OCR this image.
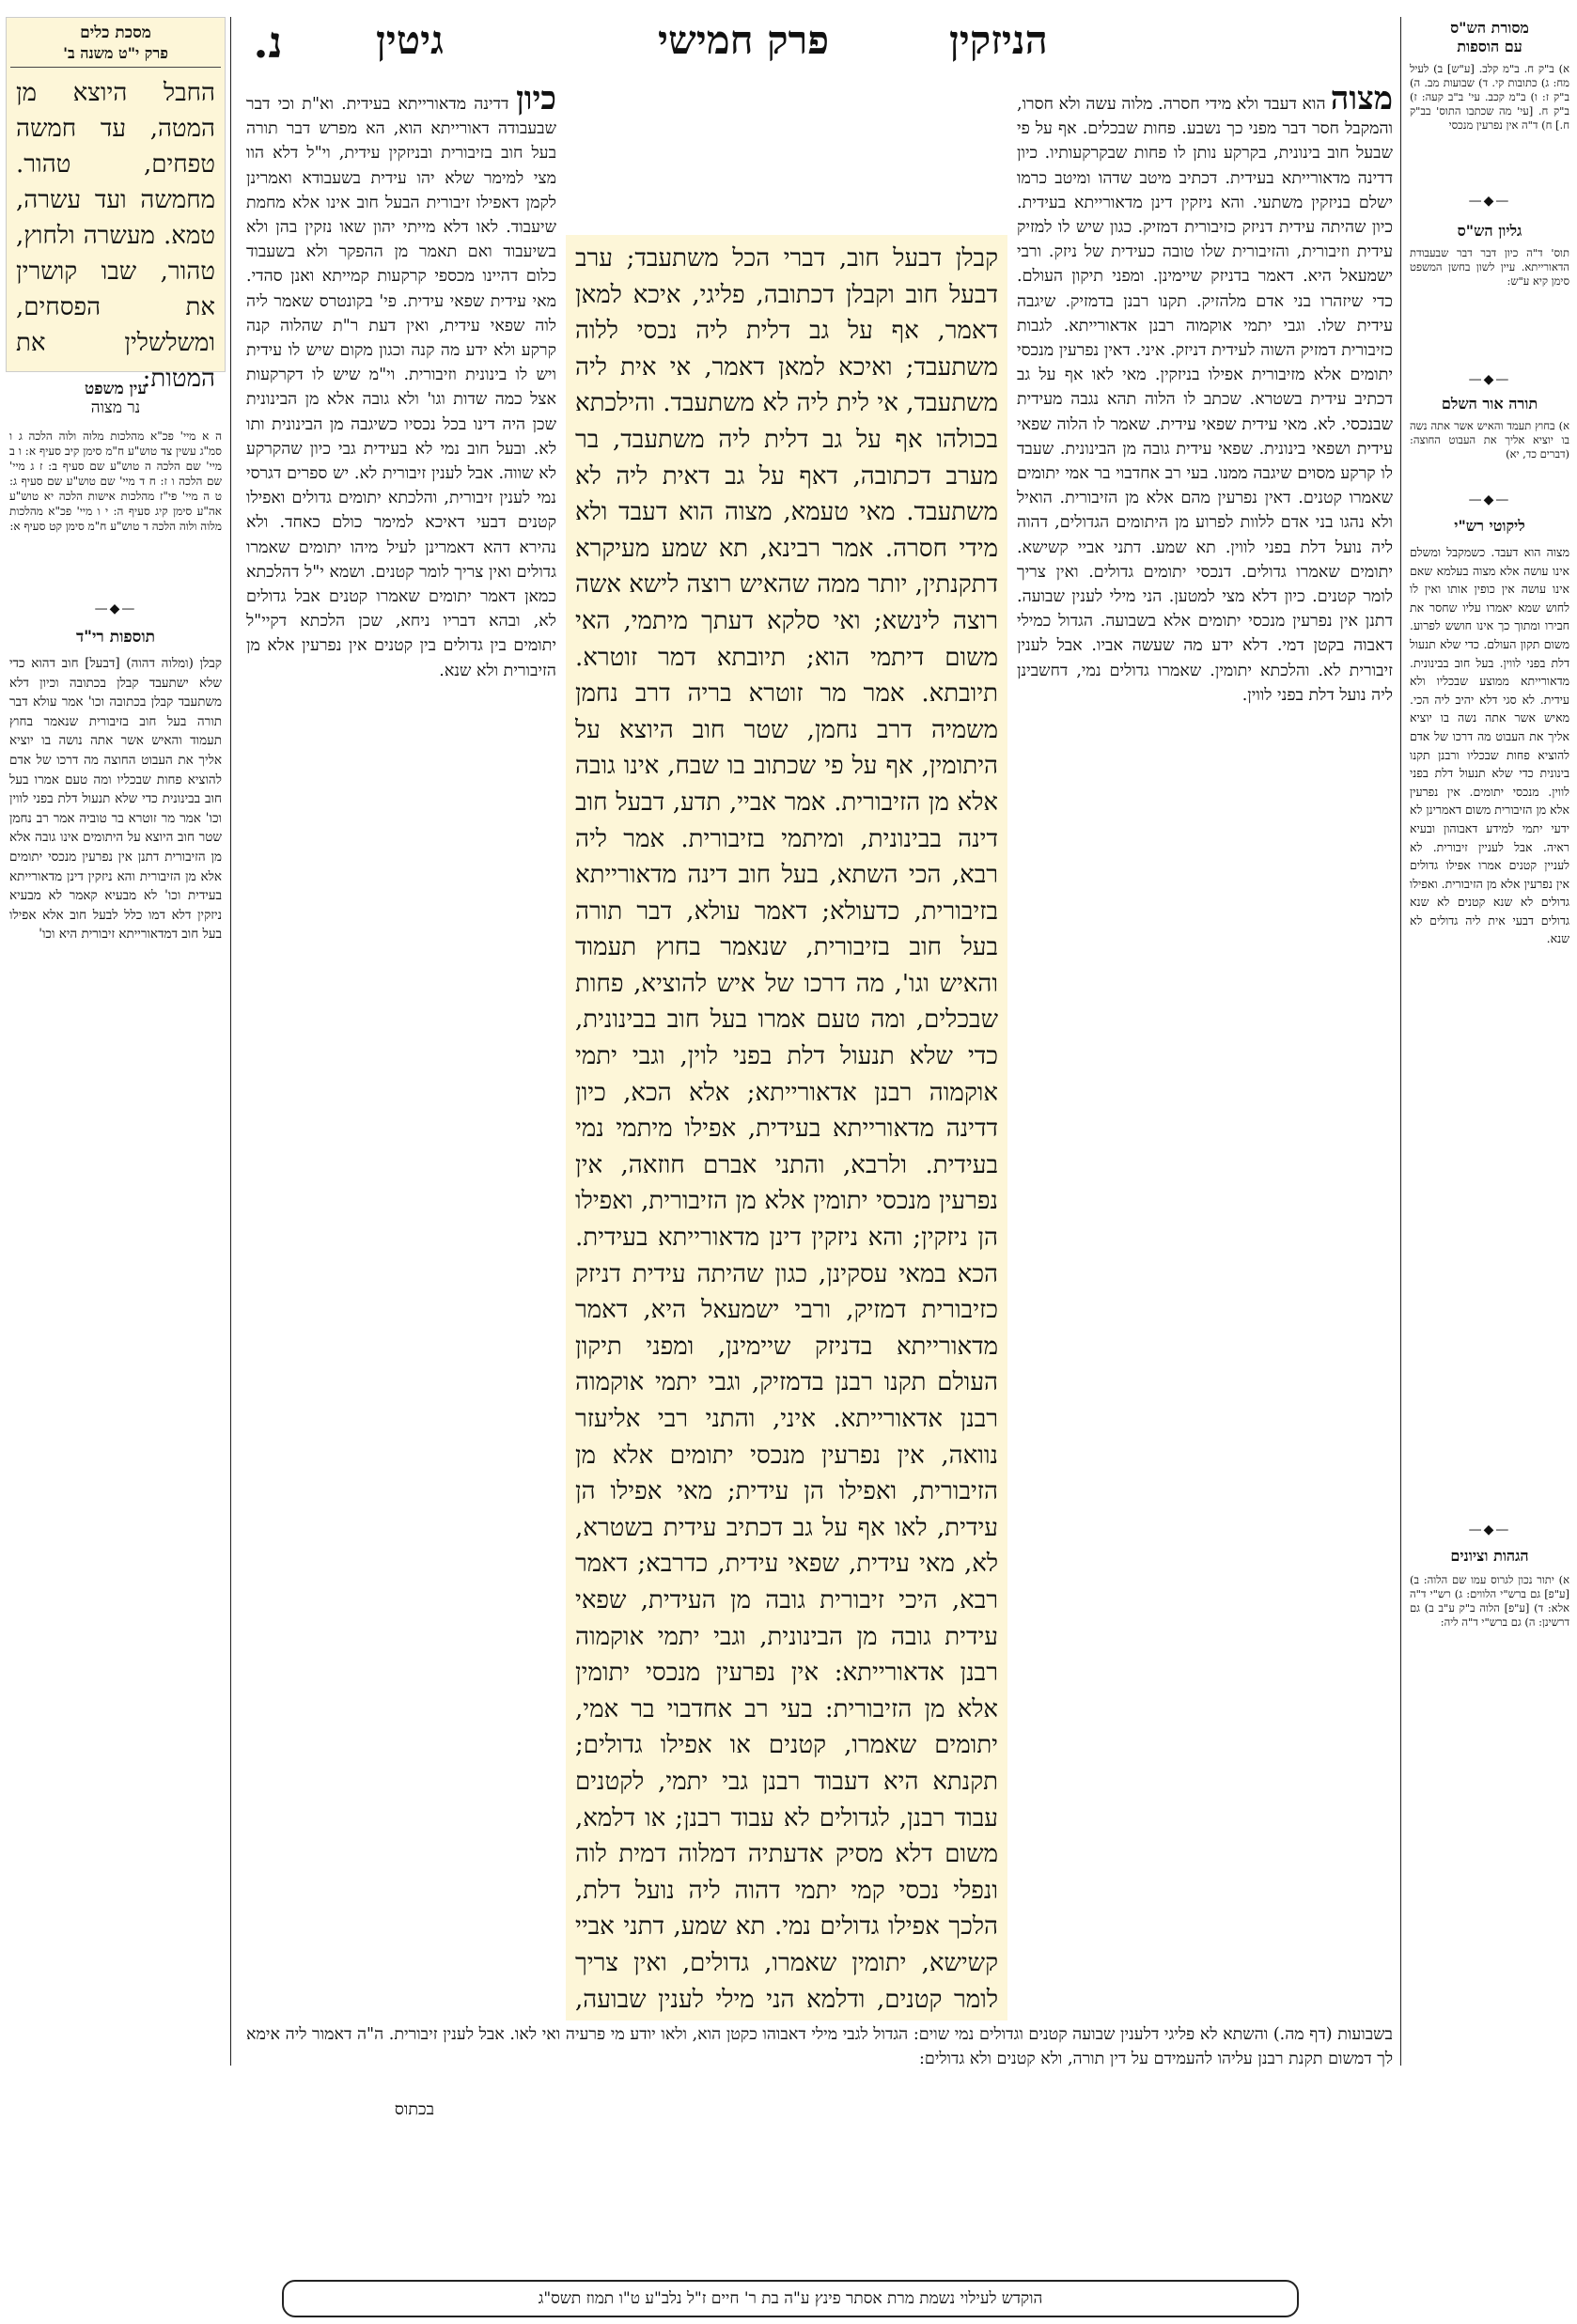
נ.	גיטין	פרק חמישי	הניזקין
מסכת כלים
פרק י"ט משנה ב'
החבל היוצא מן המטה, עד חמשה טפחים, טהור. מחמשה ועד עשרה, טמא. מעשרה ולחוץ, טהור, שבו קושרין את הפסחים, ומשלשלין את המטות:
עין משפט
נר מצוה
ה א מיי' פכ"א מהלכות מלוה ולוה הלכה ג ו סמ"ג עשין צד טוש"ע ח"מ סימן קיב סעיף א: ו ב מיי' שם הלכה ה טוש"ע שם סעיף ב: ז ג מיי' שם הלכה ו ז: ח ד מיי' שם טוש"ע שם סעיף ג: ט ה מיי' פי"ז מהלכות אישות הלכה יא טוש"ע אה"ע סימן קיג סעיף ה: י ו מיי' פכ"א מהלכות מלוה ולוה הלכה ד טוש"ע ח"מ סימן קט סעיף א:
—◆—
תוספות רי"ד
קבלן (ומלוה דהוה) [דבעל] חוב דהוא כדי שלא ישתעבד קבלן בכתובה וכיון דלא משתעבד קבלן בכתובה וכו' אמר עולא דבר תורה בעל חוב בזיבורית שנאמר בחוץ תעמוד והאיש אשר אתה נושה בו יוציא אליך את העבוט החוצה מה דרכו של אדם להוציא פחות שבכליו ומה טעם אמרו בעל חוב בבינונית כדי שלא תנעול דלת בפני לווין וכו' אמר מר זוטרא בר טוביה אמר רב נחמן שטר חוב היוצא על היתומים אינו גובה אלא מן הזיבורית דתנן אין נפרעין מנכסי יתומים אלא מן הזיבורית והא ניזקין דינן מדאורייתא בעידית וכו' לא מבעיא קאמר לא מבעיא ניזקין דלא דמו כלל לבעל חוב אלא אפילו בעל חוב דמדאורייתא זיבורית היא וכו'
מסורת הש"ס
עם הוספות
א) ב"ק ח. ב"מ קלב. [ע"ש] ב) לעיל מח: ג) כתובות קי. ד) שבועות מב. ה) ב"ק ז: ו) ב"מ קכב. עי' ב"ב קעה: ז) ב"ק ח. [עי' מה שכתבו התוס' בב"ק ח.] ח) ד"ה אין נפרעין מנכסי
—◆—
גליון הש"ס
תוס' ד"ה כיון דבר דבר שבעבודת הדאורייתא. עיין לשון בחשן המשפט סימן קיא ע"ש:
—◆—
תורה אור השלם
א) בחוץ תעמד והאיש אשר אתה נשה בו יוציא אליך את העבוט החוצה: (דברים כד, יא)
—◆—
ליקוטי רש"י
מצוה הוא דעבד. כשמקבל ומשלם אינו עושה אלא מצוה בעלמא שאם אינו עושה אין כופין אותו ואין לו לחוש שמא יאמרו עליו שחסר את חבירו ומתוך כך אינו חושש לפרוע. משום תקון העולם. כדי שלא תנעול דלת בפני לווין. בעל חוב בבינונית. מדאורייתא ממוצע שבכליו ולא עידית. לא סגי דלא יהיב ליה הכי. מאיש אשר אתה נשה בו יוציא אליך את העבוט מה דרכו של אדם להוציא פחות שבכליו ורבנן תקנו בינונית כדי שלא תנעול דלת בפני לווין. מנכסי יתומים. אין נפרעין אלא מן הזיבורית משום דאמרינן לא ידעי יתמי למידע דאבוהון ובעיא ראיה. אבל לעניין זיבורית. לא לעניין קטנים אמרו אפילו גדולים אין נפרעין אלא מן הזיבורית. ואפילו גדולים לא שנא קטנים לא שנא גדולים דבעי אית ליה גדולים לא שנא.
—◆—
הגהות וציונים
א) יתור נכון לגרוס עמו שם הלוה: ב) [ע"פ] גם ברש"י הלווים: ג) רש"י ד"ה אלא: ד) [ע"פ] הלוה ב"ק ע"ב ב) גם דרשינן: ה) גם ברש"י ד"ה ליה:
כיון דדינה מדאורייתא בעידית. וא"ת וכי דבר שבעבודה דאורייתא הוא, הא מפרש דבר תורה בעל חוב בזיבורית ובניזקין עידית, וי"ל דלא הוו מצי למימר שלא יהו עידית בשעבודא ואמרינן לקמן דאפילו זיבורית הבעל חוב אינו אלא מחמת שיעבוד. לאו דלא מייתי יהון שאו נזקין בהן ולא בשיעבוד ואם תאמר מן ההפקר ולא בשעבוד כלום דהיינו מכספי קרקעות קמייתא ואנן סהדי. מאי עידית שפאי עידית. פי' בקונטרס שאמר ליה לוה שפאי עידית, ואין דעת ר"ת שהלוה קנה קרקע ולא ידע מה קנה וכגון מקום שיש לו עידית ויש לו בינונית וזיבורית. וי"מ שיש לו דקרקעות אצל כמה שדות וגו' ולא גובה אלא מן הבינונית שכן היה דינו בכל נכסיו כשיגבה מן הבינונית ותו לא. ובעל חוב נמי לא בעידית גבי כיון שהקרקע לא שווה. אבל לענין זיבורית לא. יש ספרים דגרסי נמי לענין זיבורית, והלכתא יתומים גדולים ואפילו קטנים דבעי דאיכא למימר כולם כאחד. ולא נהירא דהא דאמרינן לעיל מיהו יתומים שאמרו גדולים ואין צריך לומר קטנים. ושמא י"ל דהלכתא כמאן דאמר יתומים שאמרו קטנים אבל גדולים לא, ובהא דבריו ניחא, שכן הלכתא דקיי"ל יתומים בין גדולים בין קטנים אין נפרעין אלא מן הזיבורית ולא שנא.
קבלן דבעל חוב, דברי הכל משתעבד; ערב דבעל חוב וקבלן דכתובה, פליגי, איכא למאן דאמר, אף על גב דלית ליה נכסי ללוה משתעבד; ואיכא למאן דאמר, אי אית ליה משתעבד, אי לית ליה לא משתעבד. והילכתא בכולהו אף על גב דלית ליה משתעבד, בר מערב דכתובה, דאף על גב דאית ליה לא משתעבד. מאי טעמא, מצוה הוא דעבד ולא מידי חסרה. אמר רבינא, תא שמע מעיקרא דתקנתין, יותר ממה שהאיש רוצה לישא אשה רוצה לינשא; ואי סלקא דעתך מיתמי, האי משום דיתמי הוא; תיובתא דמר זוטרא. תיובתא. אמר מר זוטרא בריה דרב נחמן משמיה דרב נחמן, שטר חוב היוצא על היתומין, אף על פי שכתוב בו שבח, אינו גובה אלא מן הזיבורית. אמר אביי, תדע, דבעל חוב דינה בבינונית, ומיתמי בזיבורית. אמר ליה רבא, הכי השתא, בעל חוב דינה מדאורייתא בזיבורית, כדעולא; דאמר עולא, דבר תורה בעל חוב בזיבורית, שנאמר בחוץ תעמוד והאיש וגו', מה דרכו של איש להוציא, פחות שבכלים, ומה טעם אמרו בעל חוב בבינונית, כדי שלא תנעול דלת בפני לוין, וגבי יתמי אוקמוה רבנן אדאורייתא; אלא הכא, כיון דדינה מדאורייתא בעידית, אפילו מיתמי נמי בעידית. ולרבא, והתני אברם חוזאה, אין נפרעין מנכסי יתומין אלא מן הזיבורית, ואפילו הן ניזקין; והא ניזקין דינן מדאורייתא בעידית. הכא במאי עסקינן, כגון שהיתה עידית דניזק כזיבורית דמזיק, ורבי ישמעאל היא, דאמר מדאורייתא בדניזק שיימינן, ומפני תיקון העולם תקנו רבנן בדמזיק, וגבי יתמי אוקמוה רבנן אדאורייתא. איני, והתני רבי אליעזר נוואה, אין נפרעין מנכסי יתומים אלא מן הזיבורית, ואפילו הן עידית; מאי אפילו הן עידית, לאו אף על גב דכתיב עידית בשטרא, לא, מאי עידית, שפאי עידית, כדרבא; דאמר רבא, היכי זיבורית גובה מן העידית, שפאי עידית גובה מן הבינונית, וגבי יתמי אוקמוה רבנן אדאורייתא: אין נפרעין מנכסי יתומין אלא מן הזיבורית: בעי רב אחדבוי בר אמי, יתומים שאמרו, קטנים או אפילו גדולים; תקנתא היא דעבוד רבנן גבי יתמי, לקטנים עבוד רבנן, לגדולים לא עבוד רבנן; או דלמא, משום דלא מסיק אדעתיה דמלוה דמית לוה ונפלי נכסי קמי יתמי דהוה ליה נועל דלת, הלכך אפילו גדולים נמי. תא שמע, דתני אביי קשישא, יתומין שאמרו, גדולים, ואין צריך לומר קטנים, ודלמא הני מילי לענין שבועה,
מצוה הוא דעבד ולא מידי חסרה. מלוה עשה ולא חסרו, והמקבל חסר דבר מפני כך נשבע. פחות שבכלים. אף על פי שבעל חוב בינונית, בקרקע נותן לו פחות שבקרקעותיו. כיון דדינה מדאורייתא בעידית. דכתיב מיטב שדהו ומיטב כרמו ישלם בניזקין משתעי. והא ניזקין דינן מדאורייתא בעידית. כיון שהיתה עידית דניזק כזיבורית דמזיק. כגון שיש לו למזיק עידית וזיבורית, והזיבורית שלו טובה כעידית של ניזק. ורבי ישמעאל היא. דאמר בדניזק שיימינן. ומפני תיקון העולם. כדי שיזהרו בני אדם מלהזיק. תקנו רבנן בדמזיק. שיגבה עידית שלו. וגבי יתמי אוקמוה רבנן אדאורייתא. לגבות כזיבורית דמזיק השוה לעידית דניזק. איני. דאין נפרעין מנכסי יתומים אלא מזיבורית אפילו בניזקין. מאי לאו אף על גב דכתיב עידית בשטרא. שכתב לו הלוה תהא נגבה מעידית שבנכסי. לא. מאי עידית שפאי עידית. שאמר לו הלוה שפאי עידית ושפאי בינונית. שפאי עידית גובה מן הבינונית. שעבד לו קרקע מסוים שיגבה ממנו. בעי רב אחדבוי בר אמי יתומים שאמרו קטנים. דאין נפרעין מהם אלא מן הזיבורית. הואיל ולא נהגו בני אדם ללוות לפרוע מן היתומים הגדולים, דהוה ליה נועל דלת בפני לווין. תא שמע. דתני אביי קשישא. יתומים שאמרו גדולים. דנכסי יתומים גדולים. ואין צריך לומר קטנים. כיון דלא מצי למטען. הני מילי לענין שבועה. דתנן אין נפרעין מנכסי יתומים אלא בשבועה. הגדול כמילי דאבוה בקטן דמי. דלא ידע מה שעשה אביו. אבל לענין זיבורית לא. והלכתא יתומין. שאמרו גדולים נמי, דחשבינן ליה נועל דלת בפני לווין.
בשבועות (דף מה.) והשתא לא פליגי דלענין שבועה קטנים וגדולים נמי שוים: הגדול לגבי מילי דאבוהו כקטן הוא, ולאו יודע מי פרעיה ואי לאו. אבל לענין זיבורית. ה"ה דאמור ליה אימא לך דמשום תקנת רבנן עליהו להעמידם על דין תורה, ולא קטנים ולא גדולים:
בכתוס
הוקדש לעילוי נשמת מרת אסתר פינץ ע"ה בת ר' חיים ז"ל נלב"ע ט"ו תמוז תשס"ג
